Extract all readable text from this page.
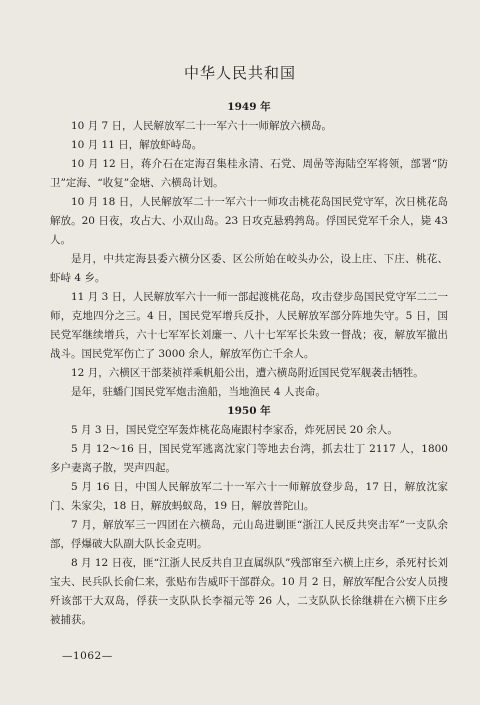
中华人民共和国
1949 年

10 月 7 日，人民解放军二十一军六十一师解放六横岛。

10 月 11 日，解放虾峙岛。

10 月 12 日，蒋介石在定海召集桂永清、石党、周喦等海陆空军将领，部署“防卫”定海、“收复”金塘、六横岛计划。

10 月 18 日，人民解放军二十一军六十一师攻击桃花岛国民党守军，次日桃花岛解放。20 日夜，攻占大、小双山岛。23 日攻克悬鸦鹁岛。俘国民党军千余人，毙 43 人。

是月，中共定海县委六横分区委、区公所始在峧头办公，设上庄、下庄、桃花、虾峙 4 乡。

11 月 3 日，人民解放军六十一师一部起渡桃花岛，攻击登步岛国民党守军二二一师，克地四分之三。4 日，国民党军增兵反扑，人民解放军部分阵地失守。5 日，国民党军继续增兵，六十七军军长刘廉一、八十七军军长朱致一督战；夜，解放军撤出战斗。国民党军伤亡了 3000 余人，解放军伤亡千余人。

12 月，六横区干部棻祯祥乘帆船公出，遭六横岛附近国民党军舰袭击牺牲。

是年，驻蟠门国民党军炮击渔船，当地渔民 4 人丧命。

1950 年

5 月 3 日，国民党空军轰炸桃花岛庵跟村李家岙，炸死居民 20 余人。

5 月 12～16 日，国民党军逃离沈家门等地去台湾，抓去壮丁 2117 人，1800 多户妻离子散，哭声四起。

5 月 16 日，中国人民解放军二十一军六十一师解放登步岛，17 日，解放沈家门、朱家尖，18 日，解放蚂蚁岛，19 日，解放普陀山。

7 月，解放军三一四团在六横岛，元山岛进剿匪“浙江人民反共突击军”一支队余部，俘爆破大队副大队长金克明。

8 月 12 日夜，匪“江浙人民反共自卫直属纵队”残部窜至六横上庄乡，杀死村长刘宝夫、民兵队长俞仁来，张贴布告威吓干部群众。10 月 2 日，解放军配合公安人员搜歼该部干大双岛，俘获一支队队长李福元等 26 人，二支队队长徐继耕在六横下庄乡被捕获。

—1062—
